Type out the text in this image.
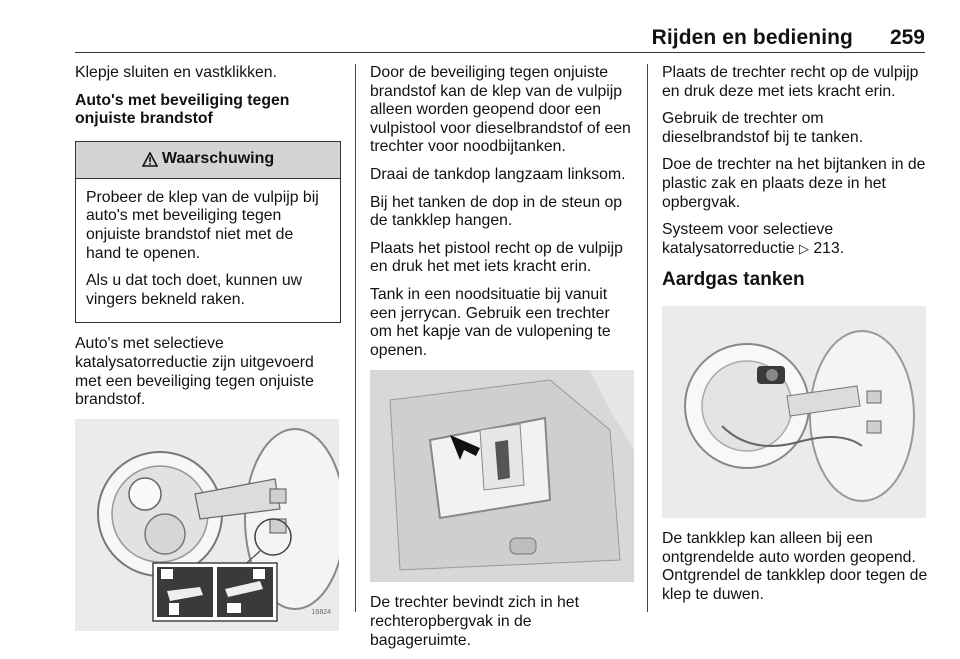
Rijden en bediening 259

Klepje sluiten en vastklikken.

Auto's met beveiliging tegen onjuiste brandstof

Waarschuwing

Probeer de klep van de vulpijp bij auto's met beveiliging tegen onjuiste brandstof niet met de hand te openen.

Als u dat toch doet, kunnen uw vingers bekneld raken.

Auto's met selectieve katalysatorreductie zijn uitgevoerd met een beveiliging tegen onjuiste brandstof.

16824

Door de beveiliging tegen onjuiste brandstof kan de klep van de vulpijp alleen worden geopend door een vulpistool voor dieselbrandstof of een trechter voor noodbijtanken.

Draai de tankdop langzaam linksom.

Bij het tanken de dop in de steun op de tankklep hangen.

Plaats het pistool recht op de vulpijp en druk het met iets kracht erin.

Tank in een noodsituatie bij vanuit een jerrycan. Gebruik een trechter om het kapje van de vulopening te openen.

De trechter bevindt zich in het rechteropbergvak in de bagageruimte.

Plaats de trechter recht op de vulpijp en druk deze met iets kracht erin.

Gebruik de trechter om dieselbrandstof bij te tanken.

Doe de trechter na het bijtanken in de plastic zak en plaats deze in het opbergvak.

Systeem voor selectieve katalysatorreductie ▷ 213.

Aardgas tanken

De tankklep kan alleen bij een ontgrendelde auto worden geopend. Ontgrendel de tankklep door tegen de klep te duwen.
